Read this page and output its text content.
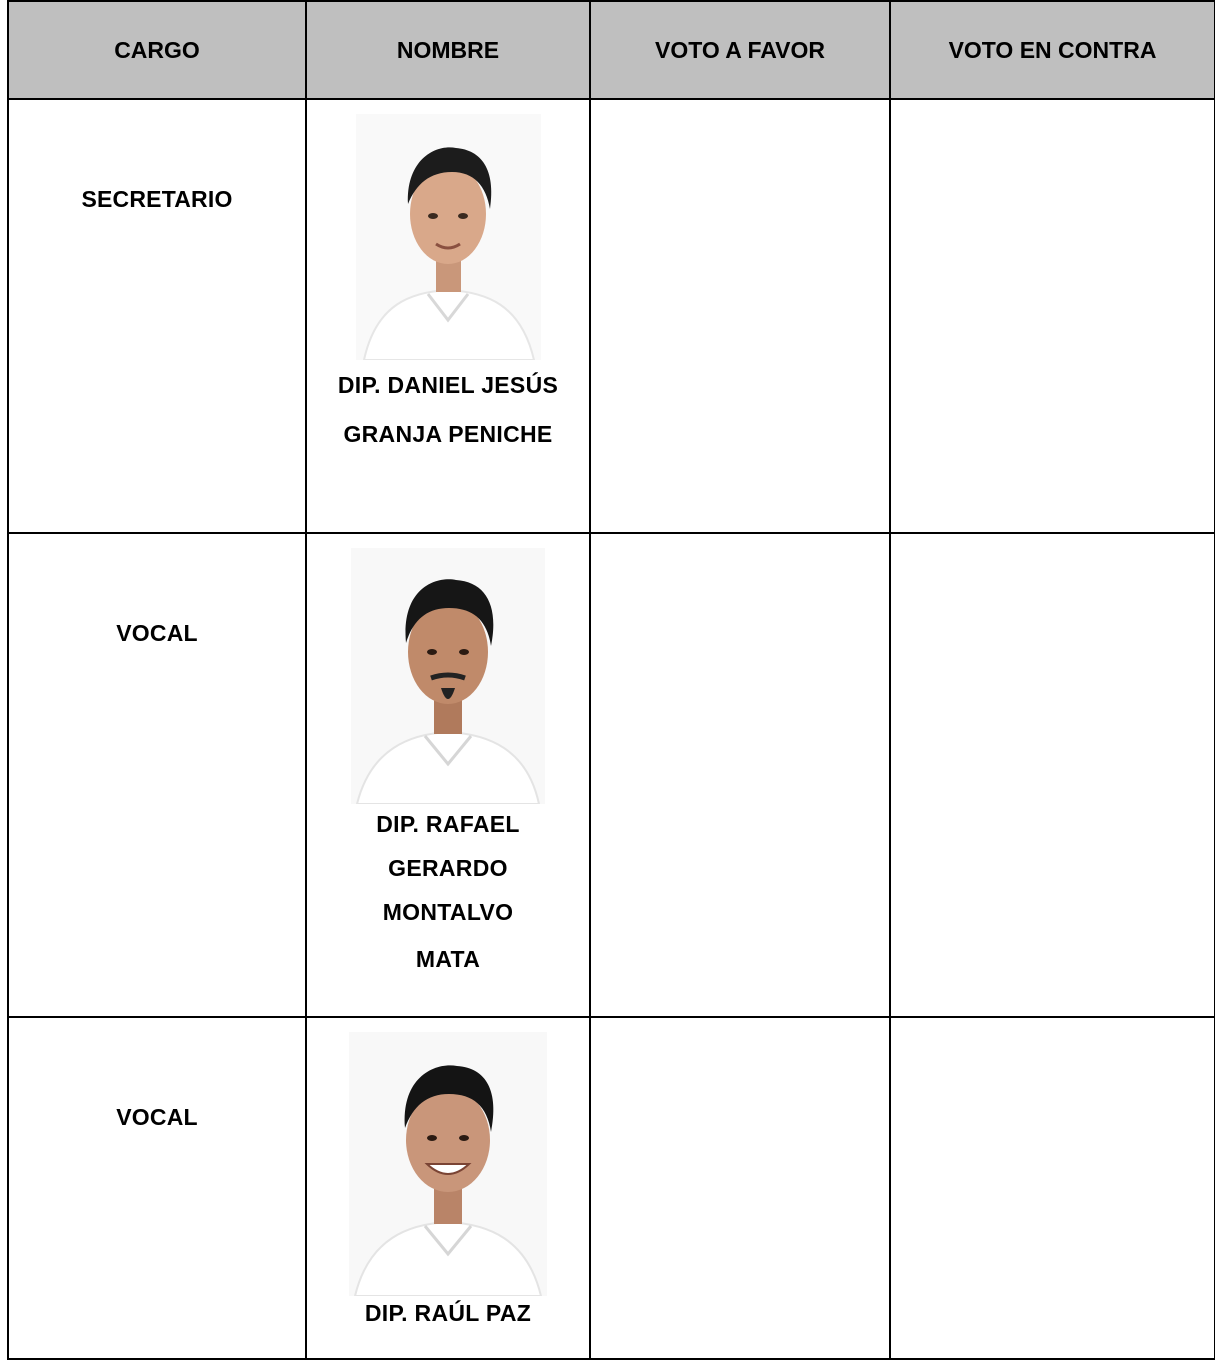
CARGO	NOMBRE	VOTO A FAVOR	VOTO EN CONTRA

SECRETARIO	DIP. DANIEL JESÚS
GRANJA PENICHE		

VOCAL	DIP. RAFAEL
GERARDO
MONTALVO MATA		

VOCAL	DIP. RAÚL PAZ		
